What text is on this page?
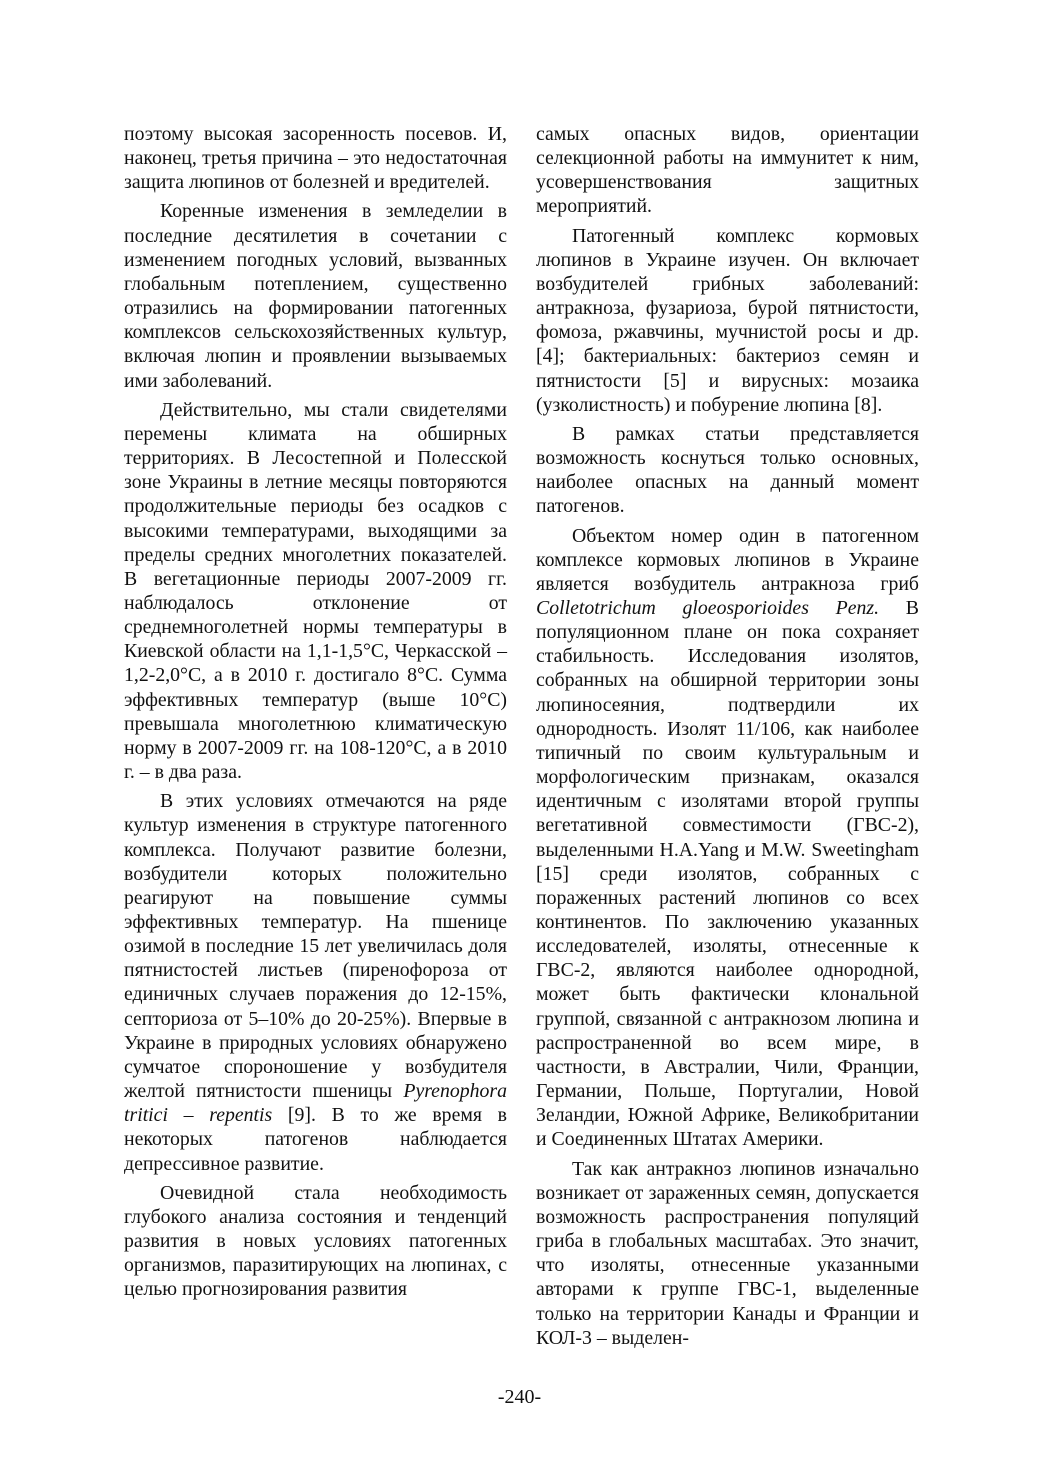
поэтому высокая засоренность посевов. И, наконец, третья причина – это недостаточная защита люпинов от болезней и вредителей.

Коренные изменения в земледелии в последние десятилетия в сочетании с изменением погодных условий, вызванных глобальным потеплением, существенно отразились на формировании патогенных комплексов сельскохозяйственных культур, включая люпин и проявлении вызываемых ими заболеваний.

Действительно, мы стали свидетелями перемены климата на обширных территориях. В Лесостепной и Полесской зоне Украины в летние месяцы повторяются продолжительные периоды без осадков с высокими температурами, выходящими за пределы средних многолетних показателей. В вегетационные периоды 2007-2009 гг. наблюдалось отклонение от среднемноголетней нормы температуры в Киевской области на 1,1-1,5°С, Черкасской – 1,2-2,0°С, а в 2010 г. достигало 8°С. Сумма эффективных температур (выше 10°С) превышала многолетнюю климатическую норму в 2007-2009 гг. на 108-120°С, а в 2010 г. – в два раза.

В этих условиях отмечаются на ряде культур изменения в структуре патогенного комплекса. Получают развитие болезни, возбудители которых положительно реагируют на повышение суммы эффективных температур. На пшенице озимой в последние 15 лет увеличилась доля пятнистостей листьев (пиренофороза от единичных случаев поражения до 12-15%, септориоза от 5–10% до 20-25%). Впервые в Украине в природных условиях обнаружено сумчатое спороношение у возбудителя желтой пятнистости пшеницы Pyrenophora tritici – repentis [9]. В то же время в некоторых патогенов наблюдается депрессивное развитие.

Очевидной стала необходимость глубокого анализа состояния и тенденций развития в новых условиях патогенных организмов, паразитирующих на люпинах, с целью прогнозирования развития

самых опасных видов, ориентации селекционной работы на иммунитет к ним, усовершенствования защитных мероприятий.

Патогенный комплекс кормовых люпинов в Украине изучен. Он включает возбудителей грибных заболеваний: антракноза, фузариоза, бурой пятнистости, фомоза, ржавчины, мучнистой росы и др. [4]; бактериальных: бактериоз семян и пятнистости [5] и вирусных: мозаика (узколистность) и побурение люпина [8].

В рамках статьи представляется возможность коснуться только основных, наиболее опасных на данный момент патогенов.

Объектом номер один в патогенном комплексе кормовых люпинов в Украине является возбудитель антракноза гриб Colletotrichum gloeosporioides Penz. В популяционном плане он пока сохраняет стабильность. Исследования изолятов, собранных на обширной территории зоны люпиносеяния, подтвердили их однородность. Изолят 11/106, как наиболее типичный по своим культуральным и морфологическим признакам, оказался идентичным с изолятами второй группы вегетативной совместимости (ГВС-2), выделенными H.A.Yang и M.W. Sweetingham [15] среди изолятов, собранных с пораженных растений люпинов со всех континентов. По заключению указанных исследователей, изоляты, отнесенные к ГВС-2, являются наиболее однородной, может быть фактически клональной группой, связанной с антракнозом люпина и распространенной во всем мире, в частности, в Австралии, Чили, Франции, Германии, Польше, Португалии, Новой Зеландии, Южной Африке, Великобритании и Соединенных Штатах Америки.

Так как антракноз люпинов изначально возникает от зараженных семян, допускается возможность распространения популяций гриба в глобальных масштабах. Это значит, что изоляты, отнесенные указанными авторами к группе ГВС-1, выделенные только на территории Канады и Франции и КОЛ-3 – выделен-

-240-
